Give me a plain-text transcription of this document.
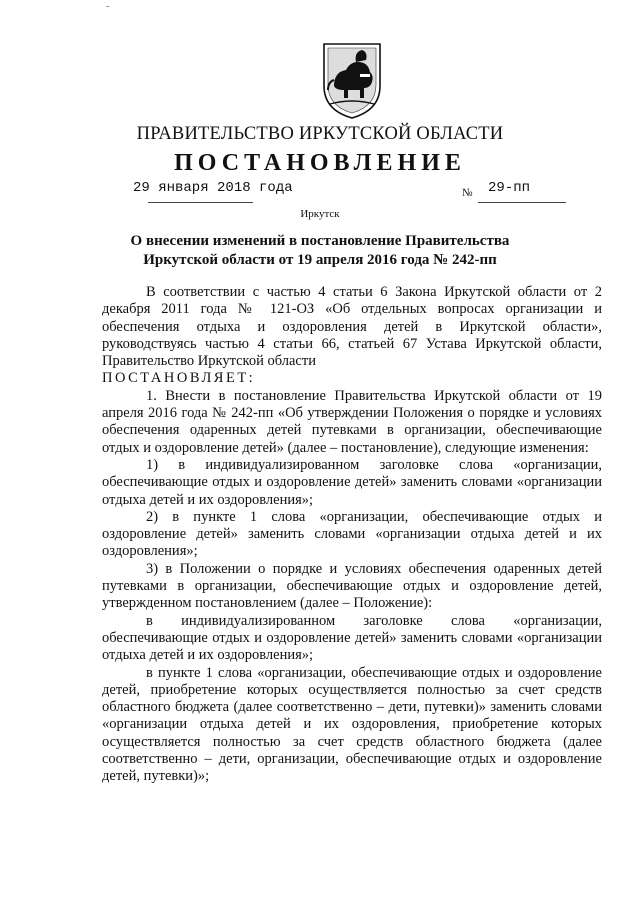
ПРАВИТЕЛЬСТВО ИРКУТСКОЙ ОБЛАСТИ
ПОСТАНОВЛЕНИЕ
29 января 2018 года	№ 29-пп
Иркутск
О внесении изменений в постановление Правительства Иркутской области от 19 апреля 2016 года № 242-пп

В соответствии с частью 4 статьи 6 Закона Иркутской области от 2 декабря 2011 года № 121-ОЗ «Об отдельных вопросах организации и обеспечения отдыха и оздоровления детей в Иркутской области», руководствуясь частью 4 статьи 66, статьей 67 Устава Иркутской области, Правительство Иркутской области

ПОСТАНОВЛЯЕТ:

1. Внести в постановление Правительства Иркутской области от 19 апреля 2016 года № 242-пп «Об утверждении Положения о порядке и условиях обеспечения одаренных детей путевками в организации, обеспечивающие отдых и оздоровление детей» (далее – постановление), следующие изменения:

1) в индивидуализированном заголовке слова «организации, обеспечивающие отдых и оздоровление детей» заменить словами «организации отдыха детей и их оздоровления»;

2) в пункте 1 слова «организации, обеспечивающие отдых и оздоровление детей» заменить словами «организации отдыха детей и их оздоровления»;

3) в Положении о порядке и условиях обеспечения одаренных детей путевками в организации, обеспечивающие отдых и оздоровление детей, утвержденном постановлением (далее – Положение):

в индивидуализированном заголовке слова «организации, обеспечивающие отдых и оздоровление детей» заменить словами «организации отдыха детей и их оздоровления»;

в пункте 1 слова «организации, обеспечивающие отдых и оздоровление детей, приобретение которых осуществляется полностью за счет средств областного бюджета (далее соответственно – дети, путевки)» заменить словами «организации отдыха детей и их оздоровления, приобретение которых осуществляется полностью за счет средств областного бюджета (далее соответственно – дети, организации, обеспечивающие отдых и оздоровление детей, путевки)»;
